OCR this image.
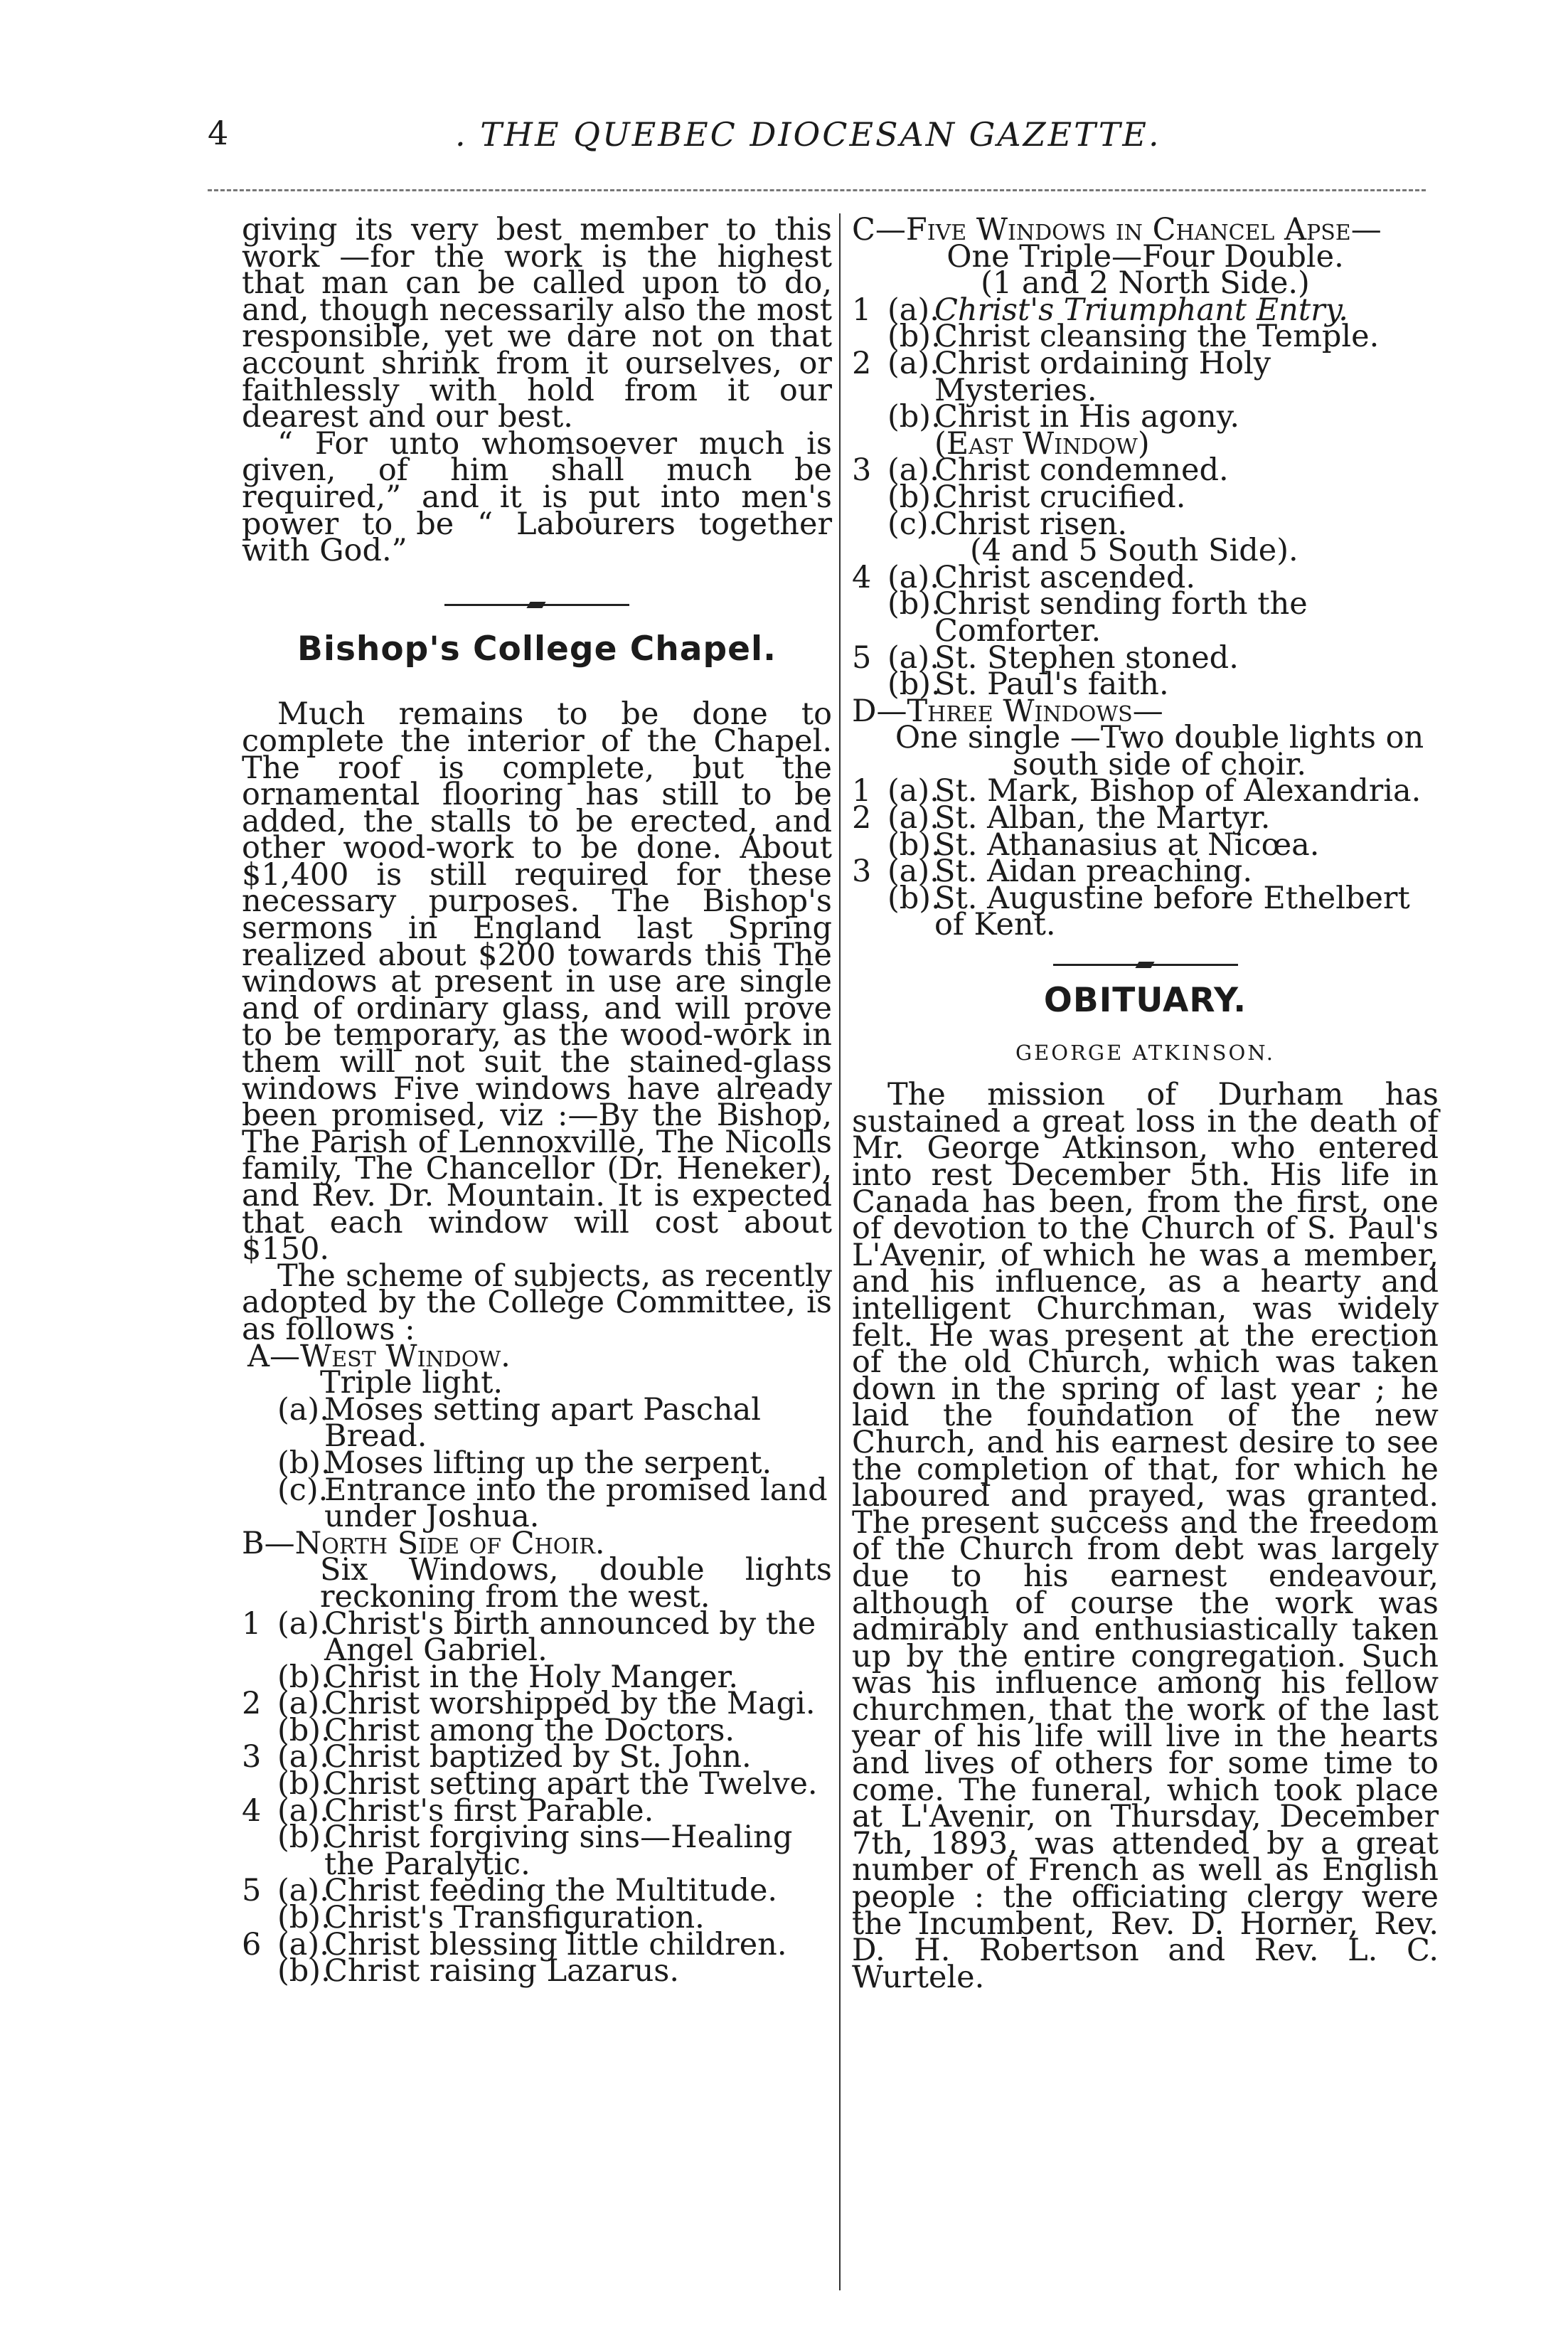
4	. THE QUEBEC DIOCESAN GAZETTE.

giving its very best member to this work —for the work is the highest that man can be called upon to do, and, though necessarily also the most responsible, yet we dare not on that account shrink from it ourselves, or faithlessly with hold from it our dearest and our best.

“ For unto whomsoever much is given, of him shall much be required,” and it is put into men's power to be “ Labourers together with God.”

Bishop's College Chapel.

Much remains to be done to complete the interior of the Chapel. The roof is complete, but the ornamental flooring has still to be added, the stalls to be erected, and other wood-work to be done. About $1,400 is still required for these necessary purposes. The Bishop's sermons in England last Spring realized about $200 towards this The windows at present in use are single and of ordinary glass, and will prove to be temporary, as the wood-work in them will not suit the stained-glass windows Five windows have already been promised, viz :—By the Bishop, The Parish of Lennoxville, The Nicolls family, The Chancellor (Dr. Heneker), and Rev. Dr. Mountain. It is expected that each window will cost about $150.

The scheme of subjects, as recently adopted by the College Committee, is as follows :

A—West Window.

Triple light.

(a).
Moses setting apart Paschal Bread.
(b).
Moses lifting up the serpent.
(c).
Entrance into the promised land under Joshua.

B—North Side of Choir.

Six Windows, double lights reckoning from the west.

1 (a).
Christ's birth announced by the Angel Gabriel.
(b).
Christ in the Holy Manger.
2 (a).
Christ worshipped by the Magi.
(b).
Christ among the Doctors.
3 (a).
Christ baptized by St. John.
(b).
Christ setting apart the Twelve.
4 (a).
Christ's first Parable.
(b).
Christ forgiving sins—Healing the Paralytic.
5 (a).
Christ feeding the Multitude.
(b).
Christ's Transfiguration.
6 (a).
Christ blessing little children.
(b).
Christ raising Lazarus.

C—Five Windows in Chancel Apse—

One Triple—Four Double.

(1 and 2 North Side.)

1 (a).
Christ's Triumphant Entry.
(b).
Christ cleansing the Temple.
2 (a).
Christ ordaining Holy Mysteries.
(b).
Christ in His agony.

(East Window)

3 (a).
Christ condemned.
(b).
Christ crucified.
(c).
Christ risen.

(4 and 5 South Side).

4 (a).
Christ ascended.
(b).
Christ sending forth the Comforter.
5 (a).
St. Stephen stoned.
(b).
St. Paul's faith.

D—Three Windows—

One single —Two double lights on south side of choir.

1 (a).
St. Mark, Bishop of Alexandria.
2 (a).
St. Alban, the Martyr.
(b).
St. Athanasius at Nicœa.
3 (a).
St. Aidan preaching.
(b).
St. Augustine before Ethelbert of Kent.
OBITUARY.

GEORGE ATKINSON.

The mission of Durham has sustained a great loss in the death of Mr. George Atkinson, who entered into rest December 5th. His life in Canada has been, from the first, one of devotion to the Church of S. Paul's L'Avenir, of which he was a member, and his influence, as a hearty and intelligent Churchman, was widely felt. He was present at the erection of the old Church, which was taken down in the spring of last year ; he laid the foundation of the new Church, and his earnest desire to see the completion of that, for which he laboured and prayed, was granted. The present success and the freedom of the Church from debt was largely due to his earnest endeavour, although of course the work was admirably and enthusiastically taken up by the entire congregation. Such was his influence among his fellow churchmen, that the work of the last year of his life will live in the hearts and lives of others for some time to come. The funeral, which took place at L'Avenir, on Thursday, December 7th, 1893, was attended by a great number of French as well as English people : the officiating clergy were the Incumbent, Rev. D. Horner, Rev. D. H. Robertson and Rev. L. C. Wurtele.
